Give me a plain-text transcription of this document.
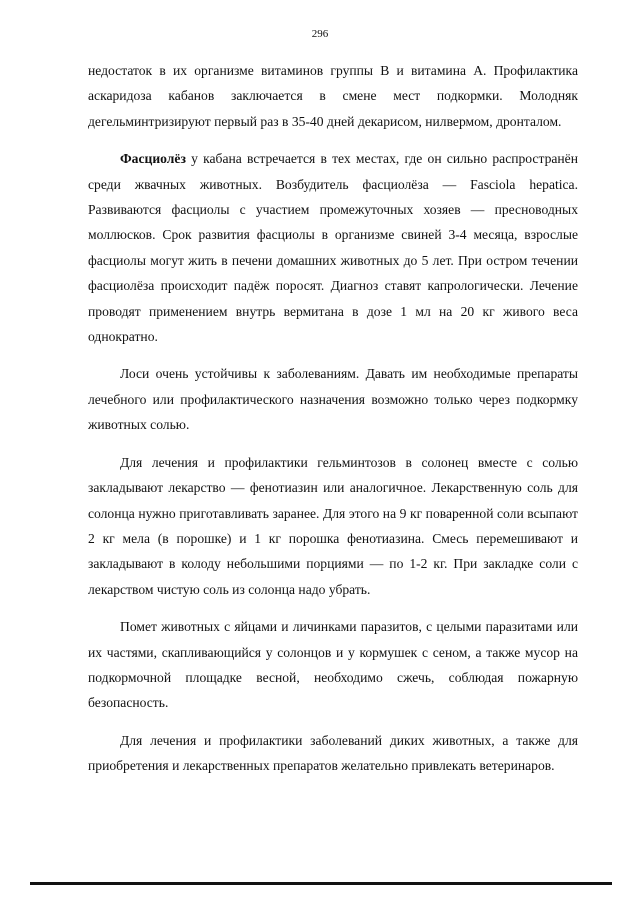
296

недостаток в их организме витаминов группы В и витамина А. Профилактика аскаридоза кабанов заключается в смене мест подкормки. Молодняк дегельминтризируют первый раз в 35-40 дней декарисом, нилвермом, дронталом.

Фасциолёз у кабана встречается в тех местах, где он сильно распространён среди жвачных животных. Возбудитель фасциолёза — Fasciola hepatica. Развиваются фасциолы с участием промежуточных хозяев — пресноводных моллюсков. Срок развития фасциолы в организме свиней 3-4 месяца, взрослые фасциолы могут жить в печени домашних животных до 5 лет. При остром течении фасциолёза происходит падёж поросят. Диагноз ставят капрологически. Лечение проводят применением внутрь вермитана в дозе 1 мл на 20 кг живого веса однократно.

Лоси очень устойчивы к заболеваниям. Давать им необходимые препараты лечебного или профилактического назначения возможно только через подкормку животных солью.

Для лечения и профилактики гельминтозов в солонец вместе с солью закладывают лекарство — фенотиазин или аналогичное. Лекарственную соль для солонца нужно приготавливать заранее. Для этого на 9 кг поваренной соли всыпают 2 кг мела (в порошке) и 1 кг порошка фенотиазина. Смесь перемешивают и закладывают в колоду небольшими порциями — по 1-2 кг. При закладке соли с лекарством чистую соль из солонца надо убрать.

Помет животных с яйцами и личинками паразитов, с целыми паразитами или их частями, скапливающийся у солонцов и у кормушек с сеном, а также мусор на подкормочной площадке весной, необходимо сжечь, соблюдая пожарную безопасность.

Для лечения и профилактики заболеваний диких животных, а также для приобретения и лекарственных препаратов желательно привлекать ветеринаров.
